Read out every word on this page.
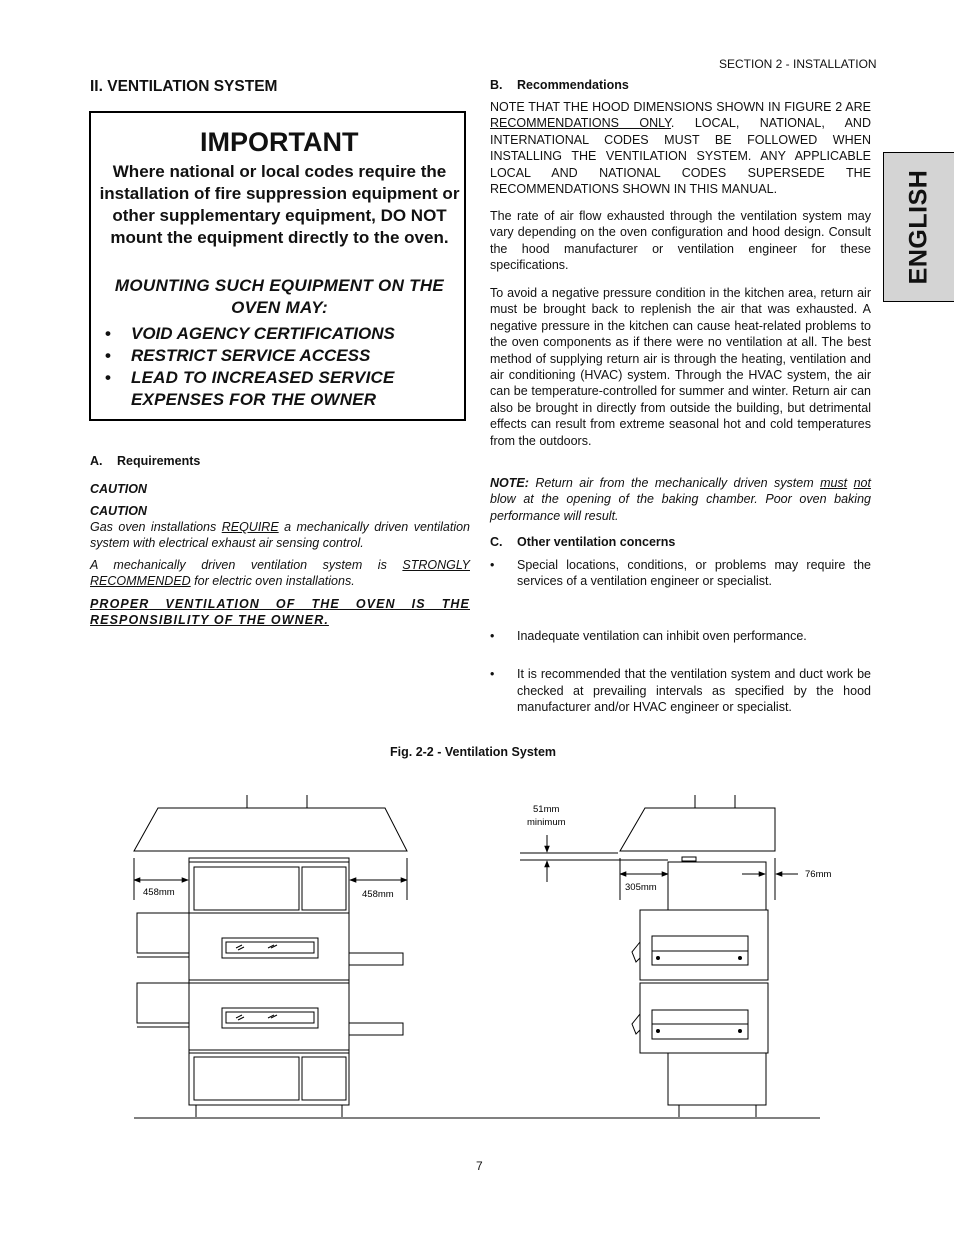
SECTION 2 - INSTALLATION
ENGLISH
II. VENTILATION SYSTEM
IMPORTANT
Where national or local codes require the installation of fire suppression equipment or other supplementary equipment, DO NOT mount the equipment directly to the oven.
MOUNTING SUCH EQUIPMENT ON THE OVEN MAY:
• VOID AGENCY CERTIFICATIONS
• RESTRICT SERVICE ACCESS
• LEAD TO INCREASED SERVICE EXPENSES FOR THE OWNER
A. Requirements
CAUTION
CAUTION
Gas oven installations REQUIRE a mechanically driven ventilation system with electrical exhaust air sensing control.
A mechanically driven ventilation system is STRONGLY RECOMMENDED for electric oven installations.
PROPER VENTILATION OF THE OVEN IS THE RESPONSIBILITY OF THE OWNER.
B. Recommendations
NOTE THAT THE HOOD DIMENSIONS SHOWN IN FIGURE 2 ARE RECOMMENDATIONS ONLY. LOCAL, NATIONAL, AND INTERNATIONAL CODES MUST BE FOLLOWED WHEN INSTALLING THE VENTILATION SYSTEM. ANY APPLICABLE LOCAL AND NATIONAL CODES SUPERSEDE THE RECOMMENDATIONS SHOWN IN THIS MANUAL.
The rate of air flow exhausted through the ventilation system may vary depending on the oven configuration and hood design. Consult the hood manufacturer or ventilation engineer for these specifications.
To avoid a negative pressure condition in the kitchen area, return air must be brought back to replenish the air that was exhausted. A negative pressure in the kitchen can cause heat-related problems to the oven components as if there were no ventilation at all. The best method of supplying return air is through the heating, ventilation and air conditioning (HVAC) system. Through the HVAC system, the air can be temperature-controlled for summer and winter. Return air can also be brought in directly from outside the building, but detrimental effects can result from extreme seasonal hot and cold temperatures from the outdoors.
NOTE: Return air from the mechanically driven system must not blow at the opening of the baking chamber. Poor oven baking performance will result.
C. Other ventilation concerns
• Special locations, conditions, or problems may require the services of a ventilation engineer or specialist.
• Inadequate ventilation can inhibit oven performance.
• It is recommended that the ventilation system and duct work be checked at prevailing intervals as specified by the hood manufacturer and/or HVAC engineer or specialist.
Fig. 2-2 - Ventilation System
458mm	458mm
51mm
minimum
305mm
76mm
7
